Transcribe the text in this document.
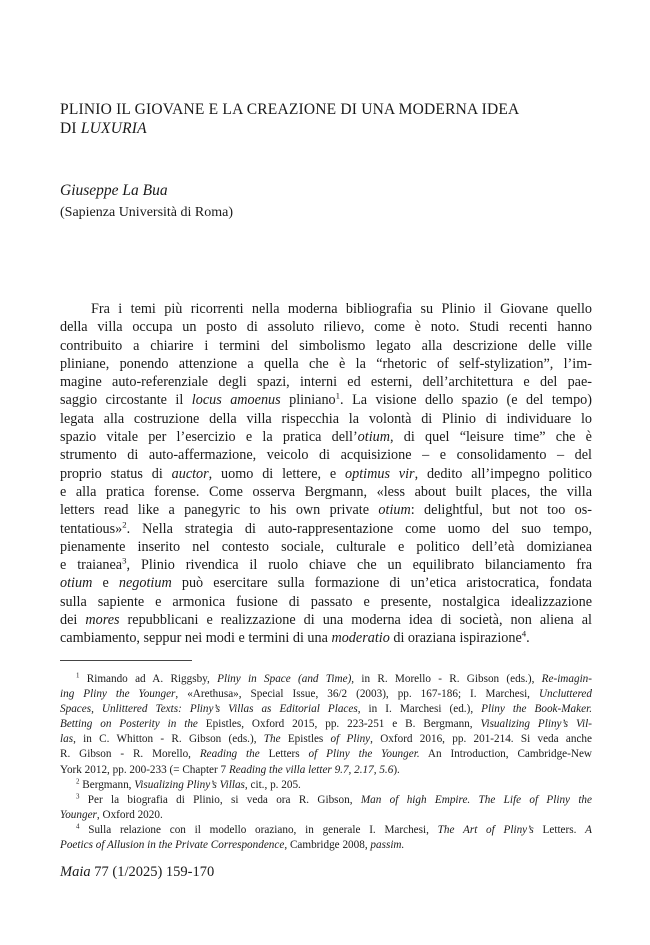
PLINIO IL GIOVANE E LA CREAZIONE DI UNA MODERNA IDEA
DI LUXURIA

Giuseppe La Bua

(Sapienza Università di Roma)

Fra i temi più ricorrenti nella moderna bibliografia su Plinio il Giovane quello
della villa occupa un posto di assoluto rilievo, come è noto. Studi recenti hanno
contribuito a chiarire i termini del simbolismo legato alla descrizione delle ville
pliniane, ponendo attenzione a quella che è la “rhetoric of self-stylization”, l’im-
magine auto-referenziale degli spazi, interni ed esterni, dell’architettura e del pae-
saggio circostante il locus amoenus pliniano$^1$. La visione dello spazio (e del tempo)
legata alla costruzione della villa rispecchia la volontà di Plinio di individuare lo
spazio vitale per l’esercizio e la pratica dell’otium, di quel “leisure time” che è
strumento di auto-affermazione, veicolo di acquisizione – e consolidamento – del
proprio status di auctor, uomo di lettere, e optimus vir, dedito all’impegno politico
e alla pratica forense. Come osserva Bergmann, «less about built places, the villa
letters read like a panegyric to his own private otium: delightful, but not too os-
tentatious»$^2$. Nella strategia di auto-rappresentazione come uomo del suo tempo,
pienamente inserito nel contesto sociale, culturale e politico dell’età domizianea
e traianea$^3$, Plinio rivendica il ruolo chiave che un equilibrato bilanciamento fra
otium e negotium può esercitare sulla formazione di un’etica aristocratica, fondata
sulla sapiente e armonica fusione di passato e presente, nostalgica idealizzazione
dei mores repubblicani e realizzazione di una moderna idea di società, non aliena al
cambiamento, seppur nei modi e termini di una moderatio di oraziana ispirazione$^4$.
$^1$ Rimando ad A. Riggsby, Pliny in Space (and Time), in R. Morello - R. Gibson (eds.), Re-imagin-
ing Pliny the Younger, «Arethusa», Special Issue, 36/2 (2003), pp. 167-186; I. Marchesi, Uncluttered
Spaces, Unlittered Texts: Pliny’s Villas as Editorial Places, in I. Marchesi (ed.), Pliny the Book-Maker.
Betting on Posterity in the Epistles, Oxford 2015, pp. 223-251 e B. Bergmann, Visualizing Pliny’s Vil-
las, in C. Whitton - R. Gibson (eds.), The Epistles of Pliny, Oxford 2016, pp. 201-214. Si veda anche
R. Gibson - R. Morello, Reading the Letters of Pliny the Younger. An Introduction, Cambridge-New
York 2012, pp. 200-233 (= Chapter 7 Reading the villa letter 9.7, 2.17, 5.6).
$^2$ Bergmann, Visualizing Pliny’s Villas, cit., p. 205.
$^3$ Per la biografia di Plinio, si veda ora R. Gibson, Man of high Empire. The Life of Pliny the
Younger, Oxford 2020.
$^4$ Sulla relazione con il modello oraziano, in generale I. Marchesi, The Art of Pliny’s Letters. A
Poetics of Allusion in the Private Correspondence, Cambridge 2008, passim.

Maia 77 (1/2025) 159-170
